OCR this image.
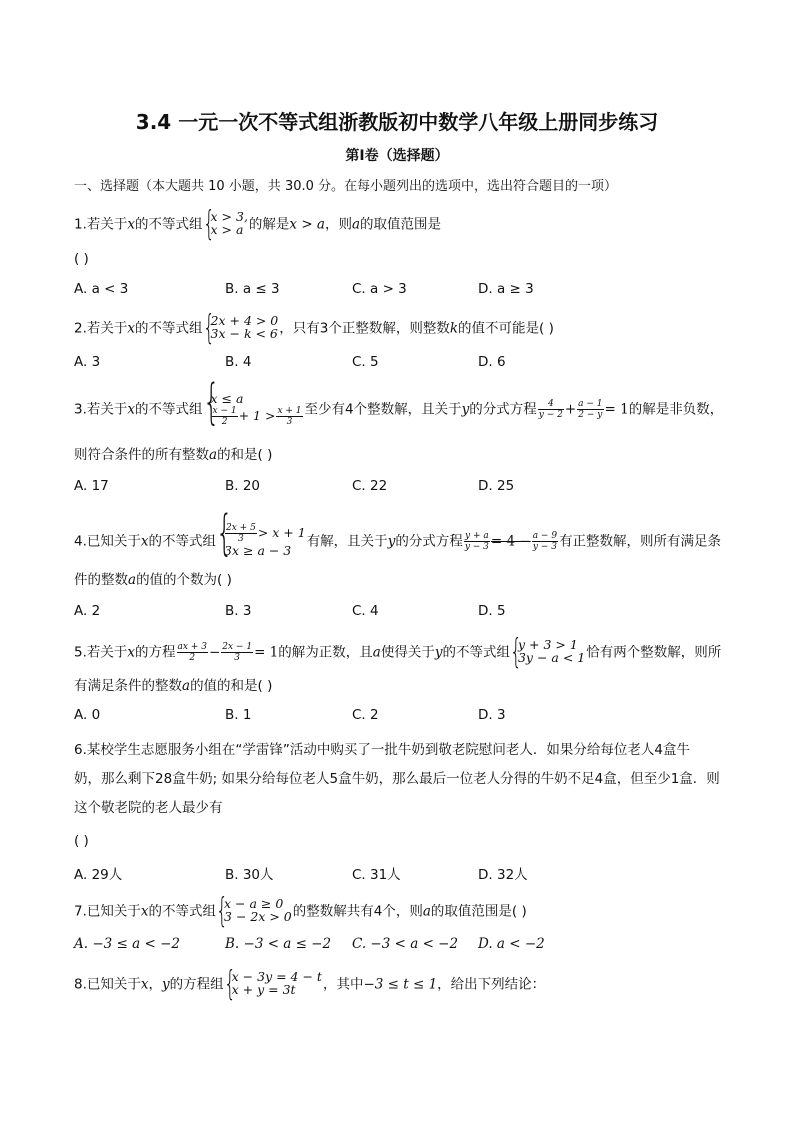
3.4 一元一次不等式组浙教版初中数学八年级上册同步练习
第Ⅰ卷（选择题）
一、选择题（本大题共 10 小题，共 30.0 分。在每小题列出的选项中，选出符合题目的一项）
1.若关于x的不等式组 {
x > 3,
x > a 的解是x > a，则a的取值范围是
( )
A. a < 3	B. a ≤ 3	C. a > 3	D. a ≥ 3
2.若关于x的不等式组 {
2x + 4 > 0
3x − k < 6，只有3个正整数解，则整数k的值不可能是( )
A. 3	B. 4	C. 5	D. 6
3.若关于x的不等式组 {
x ≤ a

$\frac{x - 1}{2} + 1 > \frac{x + 1}{3}$ 至少有4个整数解，且关于y的分式方程 $\frac{4}{y - 2} + \frac{a - 1}{2 - y} = 1$的解是非负数，
则符合条件的所有整数a的和是( )
A. 17	B. 20	C. 22	D. 25
4.已知关于x的不等式组 {
$\frac{2x + 5}{3} > x + 1$
3x ≥ a − 3有解，且关于y的分式方程 $\frac{y + a}{y - 3} = 4 - \frac{a - 9}{y - 3}$ 有正整数解，则所有满足条
件的整数a的值的个数为( )
A. 2	B. 3	C. 4	D. 5
5.若关于x的方程 $\frac{ax + 3}{2} - \frac{2x - 1}{3} = 1$的解为正数，且a使得关于y的不等式组 {
y + 3 > 1
3y − a < 1恰有两个整数解，则所
有满足条件的整数a的值的和是( )
A. 0	B. 1	C. 2	D. 3
6.某校学生志愿服务小组在“学雷锋”活动中购买了一批牛奶到敬老院慰问老人．如果分给每位老人4盒牛
奶，那么剩下28盒牛奶; 如果分给每位老人5盒牛奶，那么最后一位老人分得的牛奶不足4盒，但至少1盒．则
这个敬老院的老人最少有
( )
A. 29人	B. 30人	C. 31人	D. 32人
7.已知关于x的不等式组 {
x − a ≥ 0
3 − 2x > 0的整数解共有4个，则a的取值范围是( )
A. −3 ≤ a < −2	B. −3 < a ≤ −2 C. −3 < a < −2 D. a < −2
8.已知关于x，y的方程组 {
x − 3y = 4 − t
x + y = 3t ，其中−3 ≤ t ≤ 1，给出下列结论：
